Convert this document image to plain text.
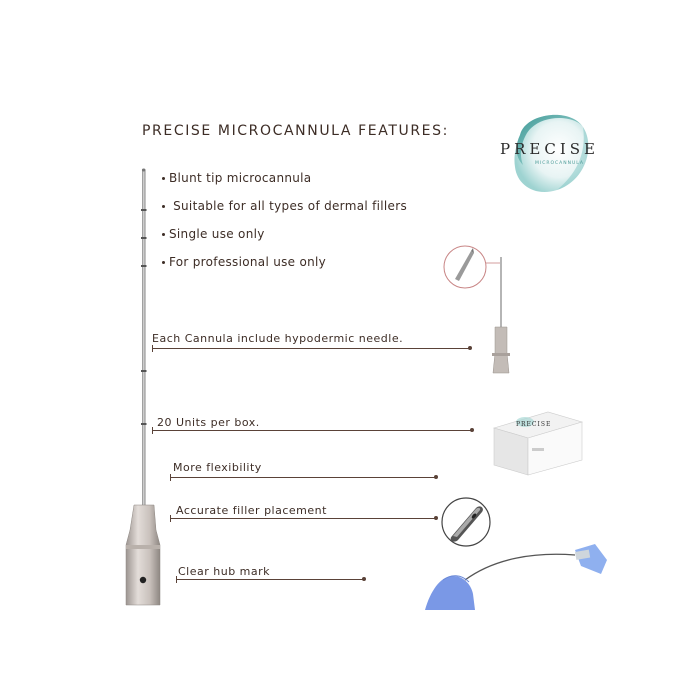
PRECISE MICROCANNULA FEATURES:
PRECISE
MICROCANNULA
Blunt tip microcannula
Suitable for all types of dermal fillers
Single use only
For professional use only
Each Cannula include hypodermic needle.
20 Units per box.	PRECISE
More flexibility
Accurate filler placement
Clear hub mark
